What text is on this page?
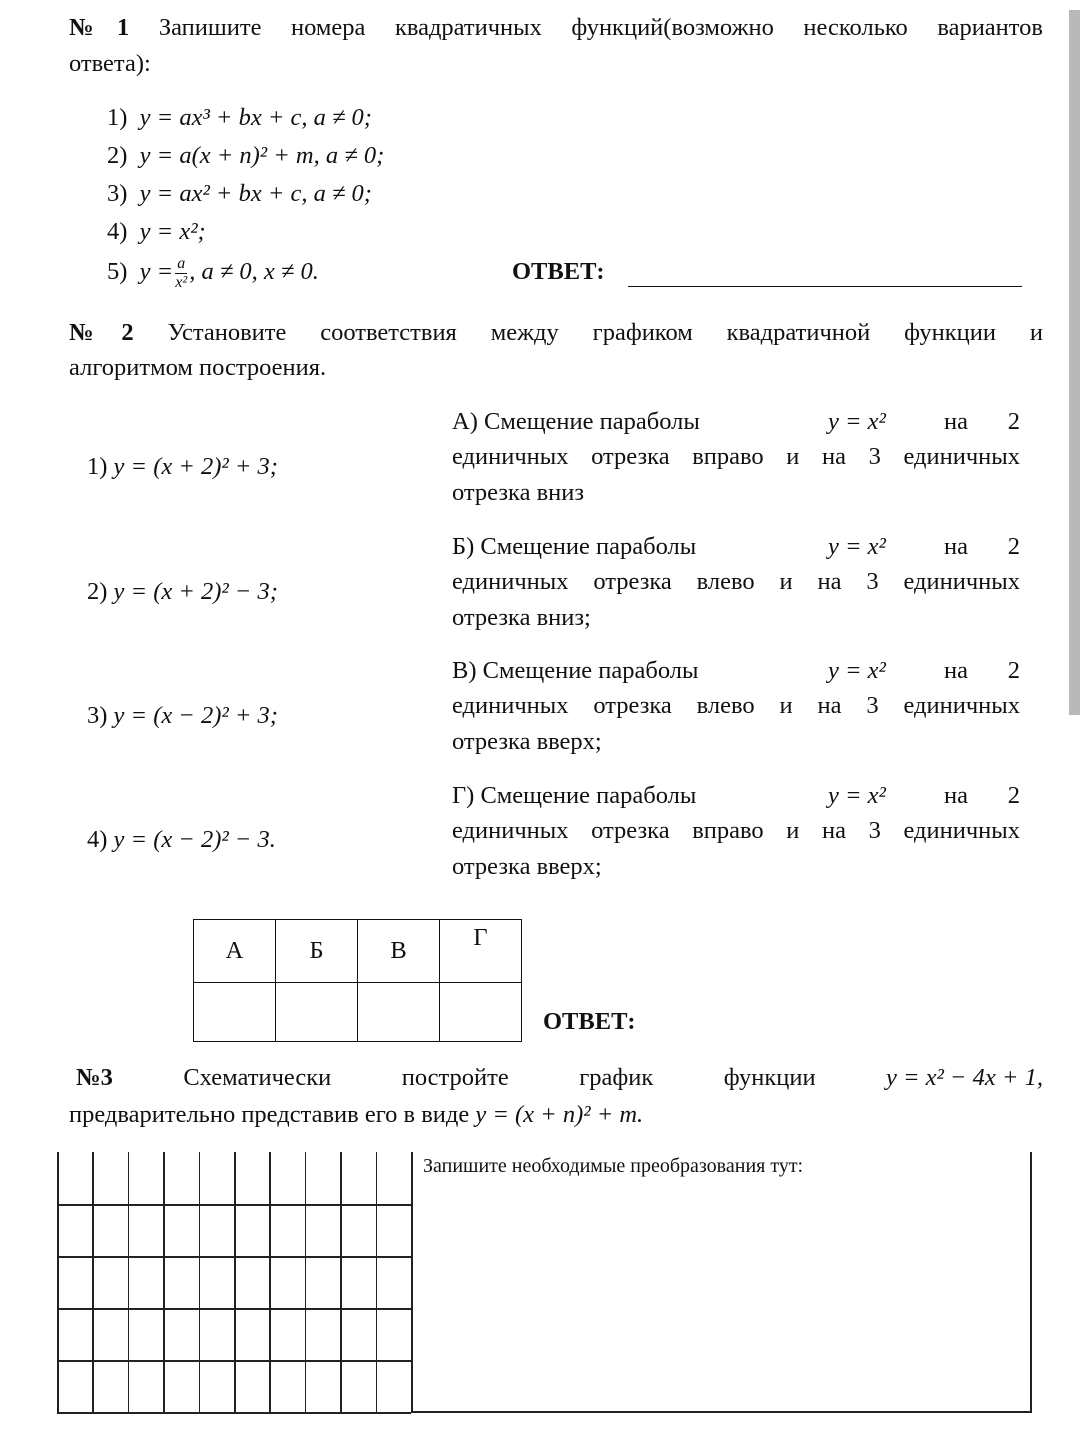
№1 Запишите номера квадратичных функций(возможно несколько вариантов
ответа):
1) y = ax³ + bx + c, a ≠ 0;
2) y = a(x + n)² + m, a ≠ 0;
3) y = ax² + bx + c, a ≠ 0;
4) y = x²;
5) $y = \frac{a}{\text{x²}}$ , a ≠ 0, x ≠ 0.	ОТВЕТ:
№2 Установите соответствия между графиком квадратичной функции и
алгоритмом построения.
1) y = (x + 2)² + 3;
2) y = (x + 2)² − 3;
3) y = (x − 2)² + 3;
4) y = (x − 2)² − 3.
А) Смещение параболы	y = x² на 2
единичных отрезка вправо и на 3 единичных
отрезка вниз
Б) Смещение параболы	y = x² на 2
единичных отрезка влево и на 3 единичных
отрезка вниз;
В) Смещение параболы	y = x² на 2
единичных отрезка влево и на 3 единичных
отрезка вверх;
Г) Смещение параболы	y = x² на 2
единичных отрезка вправо и на 3 единичных
отрезка вверх;
А	Б	В	Г

ОТВЕТ:
№3	Схематически	постройте	график	функции	y = x² − 4x + 1,
предварительно представив его в виде y = (x + n)² + m.
Запишите необходимые преобразования тут:
